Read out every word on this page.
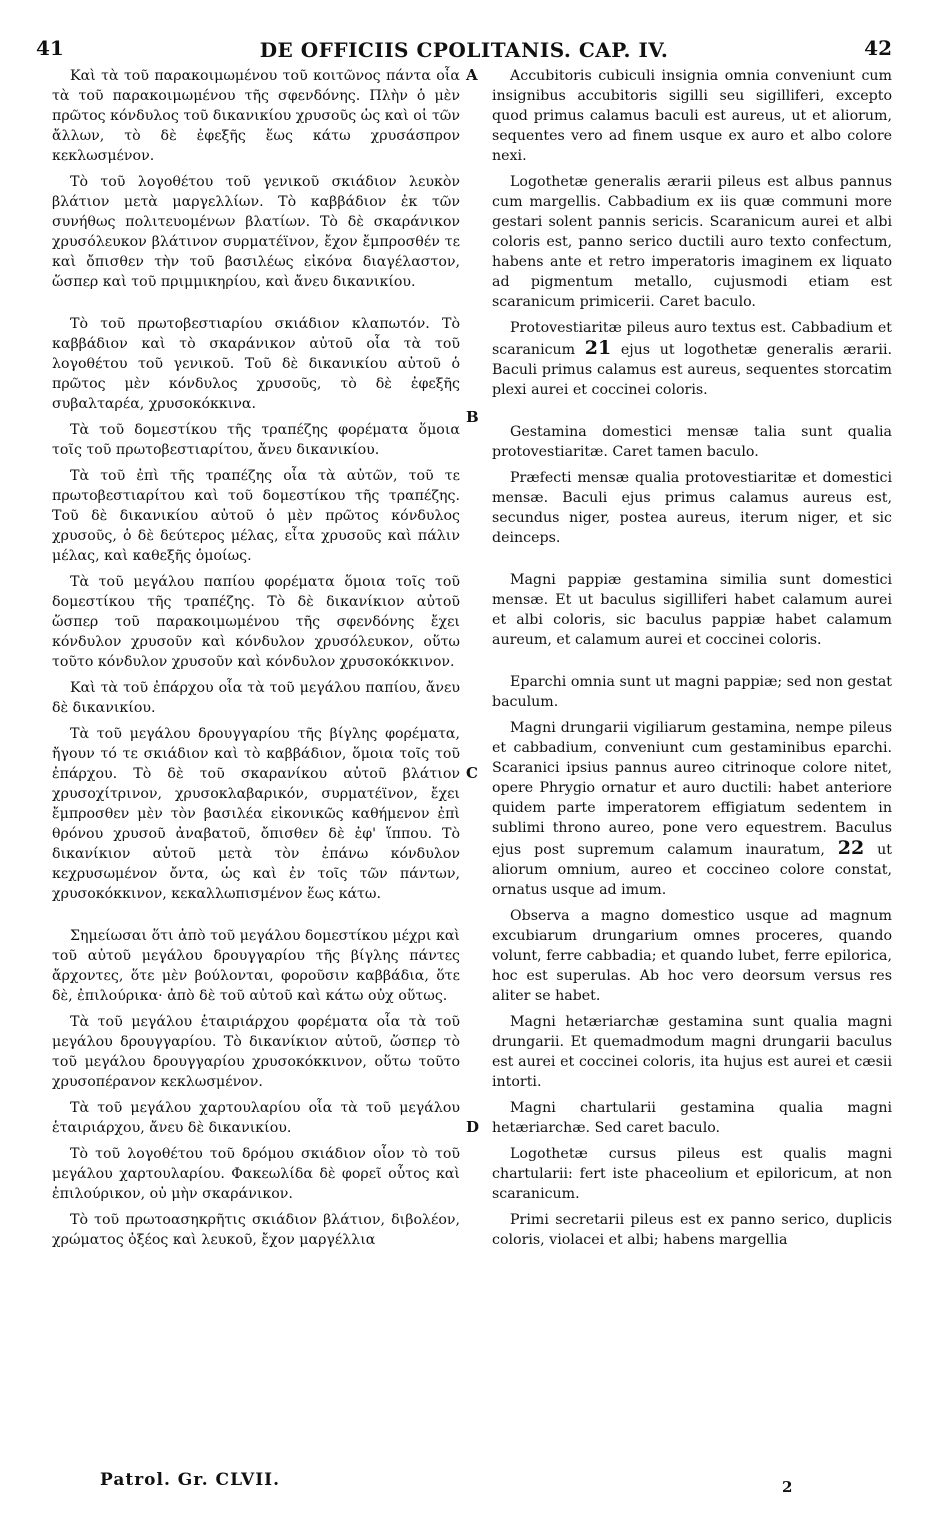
41	DE OFFICIIS CPOLITANIS. CAP. IV.	42

Καὶ τὰ τοῦ παρακοιμωμένου τοῦ κοιτῶνος πάντα οἷα τὰ τοῦ παρακοιμωμένου τῆς σφενδόνης. Πλὴν ὁ μὲν πρῶτος κόνδυλος τοῦ δικανικίου χρυσοῦς ὡς καὶ οἱ τῶν ἄλλων, τὸ δὲ ἐφεξῆς ἕως κάτω χρυσάσπρον κεκλωσμένον.

Τὸ τοῦ λογοθέτου τοῦ γενικοῦ σκιάδιον λευκὸν βλάτιον μετὰ μαργελλίων. Τὸ καββάδιον ἐκ τῶν συνήθως πολιτευομένων βλατίων. Τὸ δὲ σκαράνικον χρυσόλευκον βλάτινον συρματέϊνον, ἔχον ἔμπροσθέν τε καὶ ὄπισθεν τὴν τοῦ βασιλέως εἰκόνα διαγέλαστον, ὥσπερ καὶ τοῦ πριμμικηρίου, καὶ ἄνευ δικανικίου.

Τὸ τοῦ πρωτοβεστιαρίου σκιάδιον κλαπωτόν. Τὸ καββάδιον καὶ τὸ σκαράνικον αὐτοῦ οἷα τὰ τοῦ λογοθέτου τοῦ γενικοῦ. Τοῦ δὲ δικανικίου αὐτοῦ ὁ πρῶτος μὲν κόνδυλος χρυσοῦς, τὸ δὲ ἐφεξῆς συβαλταρέα, χρυσοκόκκινα.

Τὰ τοῦ δομεστίκου τῆς τραπέζης φορέματα ὅμοια τοῖς τοῦ πρωτοβεστιαρίτου, ἄνευ δικανικίου.

Τὰ τοῦ ἐπὶ τῆς τραπέζης οἷα τὰ αὐτῶν, τοῦ τε πρωτοβεστιαρίτου καὶ τοῦ δομεστίκου τῆς τραπέζης. Τοῦ δὲ δικανικίου αὐτοῦ ὁ μὲν πρῶτος κόνδυλος χρυσοῦς, ὁ δὲ δεύτερος μέλας, εἶτα χρυσοῦς καὶ πάλιν μέλας, καὶ καθεξῆς ὁμοίως.

Τὰ τοῦ μεγάλου παπίου φορέματα ὅμοια τοῖς τοῦ δομεστίκου τῆς τραπέζης. Τὸ δὲ δικανίκιον αὐτοῦ ὥσπερ τοῦ παρακοιμωμένου τῆς σφενδόνης ἔχει κόνδυλον χρυσοῦν καὶ κόνδυλον χρυσόλευκον, οὕτω τοῦτο κόνδυλον χρυσοῦν καὶ κόνδυλον χρυσοκόκκινον.

Καὶ τὰ τοῦ ἐπάρχου οἷα τὰ τοῦ μεγάλου παπίου, ἄνευ δὲ δικανικίου.

Τὰ τοῦ μεγάλου δρουγγαρίου τῆς βίγλης φορέματα, ἤγουν τό τε σκιάδιον καὶ τὸ καββάδιον, ὅμοια τοῖς τοῦ ἐπάρχου. Τὸ δὲ τοῦ σκαρανίκου αὐτοῦ βλάτιον χρυσοχίτρινον, χρυσοκλαβαρικόν, συρματέϊνον, ἔχει ἔμπροσθεν μὲν τὸν βασιλέα εἰκονικῶς καθήμενον ἐπὶ θρόνου χρυσοῦ ἀναβατοῦ, ὄπισθεν δὲ ἐφ' ἵππου. Τὸ δικανίκιον αὐτοῦ μετὰ τὸν ἐπάνω κόνδυλον κεχρυσωμένον ὄντα, ὡς καὶ ἐν τοῖς τῶν πάντων, χρυσοκόκκινον, κεκαλλωπισμένον ἕως κάτω.

Σημείωσαι ὅτι ἀπὸ τοῦ μεγάλου δομεστίκου μέχρι καὶ τοῦ αὐτοῦ μεγάλου δρουγγαρίου τῆς βίγλης πάντες ἄρχοντες, ὅτε μὲν βούλονται, φοροῦσιν καββάδια, ὅτε δὲ, ἐπιλούρικα· ἀπὸ δὲ τοῦ αὐτοῦ καὶ κάτω οὐχ οὕτως.

Τὰ τοῦ μεγάλου ἑταιριάρχου φορέματα οἷα τὰ τοῦ μεγάλου δρουγγαρίου. Τὸ δικανίκιον αὐτοῦ, ὥσπερ τὸ τοῦ μεγάλου δρουγγαρίου χρυσοκόκκινον, οὕτω τοῦτο χρυσοπέρανον κεκλωσμένον.

Τὰ τοῦ μεγάλου χαρτουλαρίου οἷα τὰ τοῦ μεγάλου ἑταιριάρχου, ἄνευ δὲ δικανικίου.

Τὸ τοῦ λογοθέτου τοῦ δρόμου σκιάδιον οἷον τὸ τοῦ μεγάλου χαρτουλαρίου. Φακεωλίδα δὲ φορεῖ οὗτος καὶ ἐπιλούρικον, οὐ μὴν σκαράνικον.

Τὸ τοῦ πρωτοασηκρῆτις σκιάδιον βλάτιον, διβολέον, χρώματος ὀξέος καὶ λευκοῦ, ἔχον μαργέλλια

A
B
C
D

Accubitoris cubiculi insignia omnia conveniunt cum insignibus accubitoris sigilli seu sigilliferi, excepto quod primus calamus baculi est aureus, ut et aliorum, sequentes vero ad finem usque ex auro et albo colore nexi.

Logothetæ generalis ærarii pileus est albus pannus cum margellis. Cabbadium ex iis quæ communi more gestari solent pannis sericis. Scaranicum aurei et albi coloris est, panno serico ductili auro texto confectum, habens ante et retro imperatoris imaginem ex liquato ad pigmentum metallo, cujusmodi etiam est scaranicum primicerii. Caret baculo.

Protovestiaritæ pileus auro textus est. Cabbadium et scaranicum 21 ejus ut logothetæ generalis ærarii. Baculi primus calamus est aureus, sequentes storcatim plexi aurei et coccinei coloris.

Gestamina domestici mensæ talia sunt qualia protovestiaritæ. Caret tamen baculo.

Præfecti mensæ qualia protovestiaritæ et domestici mensæ. Baculi ejus primus calamus aureus est, secundus niger, postea aureus, iterum niger, et sic deinceps.

Magni pappiæ gestamina similia sunt domestici mensæ. Et ut baculus sigilliferi habet calamum aurei et albi coloris, sic baculus pappiæ habet calamum aureum, et calamum aurei et coccinei coloris.

Eparchi omnia sunt ut magni pappiæ; sed non gestat baculum.

Magni drungarii vigiliarum gestamina, nempe pileus et cabbadium, conveniunt cum gestaminibus eparchi. Scaranici ipsius pannus aureo citrinoque colore nitet, opere Phrygio ornatur et auro ductili: habet anteriore quidem parte imperatorem effigiatum sedentem in sublimi throno aureo, pone vero equestrem. Baculus ejus post supremum calamum inauratum, 22 ut aliorum omnium, aureo et coccineo colore constat, ornatus usque ad imum.

Observa a magno domestico usque ad magnum excubiarum drungarium omnes proceres, quando volunt, ferre cabbadia; et quando lubet, ferre epilorica, hoc est superulas. Ab hoc vero deorsum versus res aliter se habet.

Magni hetæriarchæ gestamina sunt qualia magni drungarii. Et quemadmodum magni drungarii baculus est aurei et coccinei coloris, ita hujus est aurei et cæsii intorti.

Magni chartularii gestamina qualia magni hetæriarchæ. Sed caret baculo.

Logothetæ cursus pileus est qualis magni chartularii: fert iste phaceolium et epiloricum, at non scaranicum.

Primi secretarii pileus est ex panno serico, duplicis coloris, violacei et albi; habens margellia

Patrol. Gr. CLVII.	2
